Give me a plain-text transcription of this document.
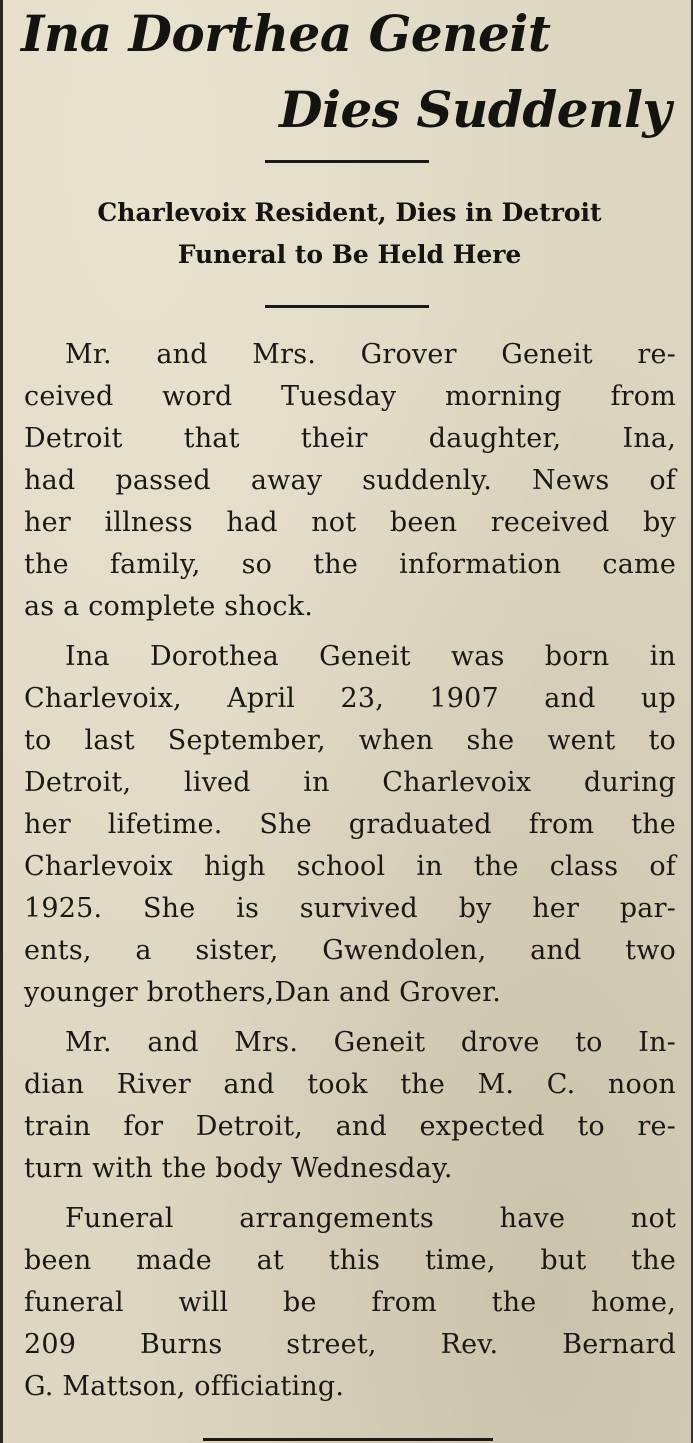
Ina Dorthea Geneit
Dies Suddenly
Charlevoix Resident, Dies in Detroit
Funeral to Be Held Here
Mr. and Mrs. Grover Geneit re-
ceived word Tuesday morning from
Detroit that their daughter, Ina,
had passed away suddenly. News of
her illness had not been received by
the family, so the information came
as a complete shock.
Ina Dorothea Geneit was born in
Charlevoix, April 23, 1907 and up
to last September, when she went to
Detroit, lived in Charlevoix during
her lifetime. She graduated from the
Charlevoix high school in the class of
1925. She is survived by her par-
ents, a sister, Gwendolen, and two
younger brothers,Dan and Grover.
Mr. and Mrs. Geneit drove to In-
dian River and took the M. C. noon
train for Detroit, and expected to re-
turn with the body Wednesday.
Funeral arrangements have not
been made at this time, but the
funeral will be from the home,
209 Burns street, Rev. Bernard
G. Mattson, officiating.
